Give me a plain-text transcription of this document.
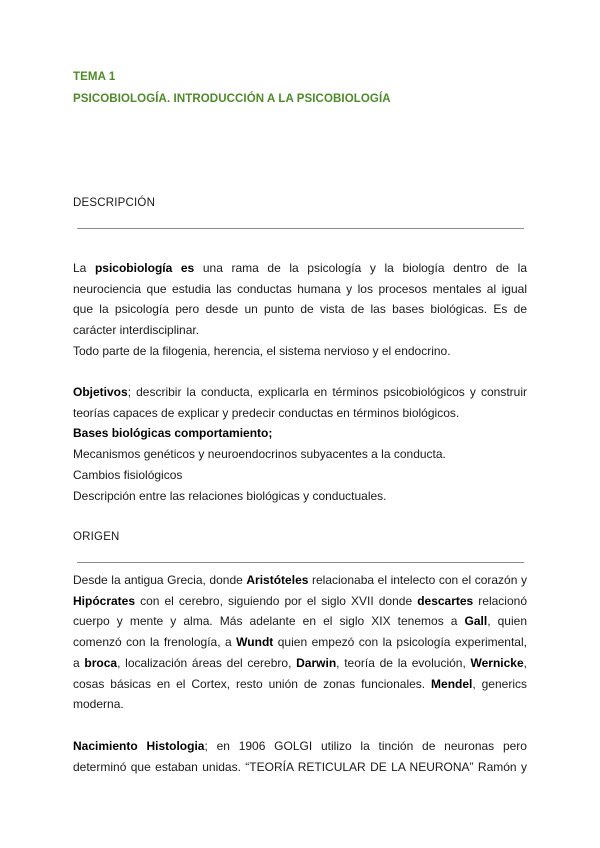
TEMA 1
PSICOBIOLOGÍA. INTRODUCCIÓN A LA PSICOBIOLOGÍA
DESCRIPCIÓN
La psicobiología es una rama de la psicología y la biología dentro de la
neurociencia que estudia las conductas humana y los procesos mentales al igual
que la psicología pero desde un punto de vista de las bases biológicas. Es de
carácter interdisciplinar.
Todo parte de la filogenia, herencia, el sistema nervioso y el endocrino.
Objetivos; describir la conducta, explicarla en términos psicobiológicos y construir
teorías capaces de explicar y predecir conductas en términos biológicos.
Bases biológicas comportamiento;
Mecanismos genéticos y neuroendocrinos subyacentes a la conducta.
Cambios fisiológicos
Descripción entre las relaciones biológicas y conductuales.
ORIGEN
Desde la antigua Grecia, donde Aristóteles relacionaba el intelecto con el corazón y
Hipócrates con el cerebro, siguiendo por el siglo XVII donde descartes relacionó
cuerpo y mente y alma. Más adelante en el siglo XIX tenemos a Gall, quien
comenzó con la frenología, a Wundt quien empezó con la psicología experimental,
a broca, localización áreas del cerebro, Darwin, teoría de la evolución, Wernicke,
cosas básicas en el Cortex, resto unión de zonas funcionales. Mendel, generics
moderna.
Nacimiento Histologia; en 1906 GOLGI utilizo la tinción de neuronas pero
determinó que estaban unidas. “TEORÍA RETICULAR DE LA NEURONA” Ramón y
